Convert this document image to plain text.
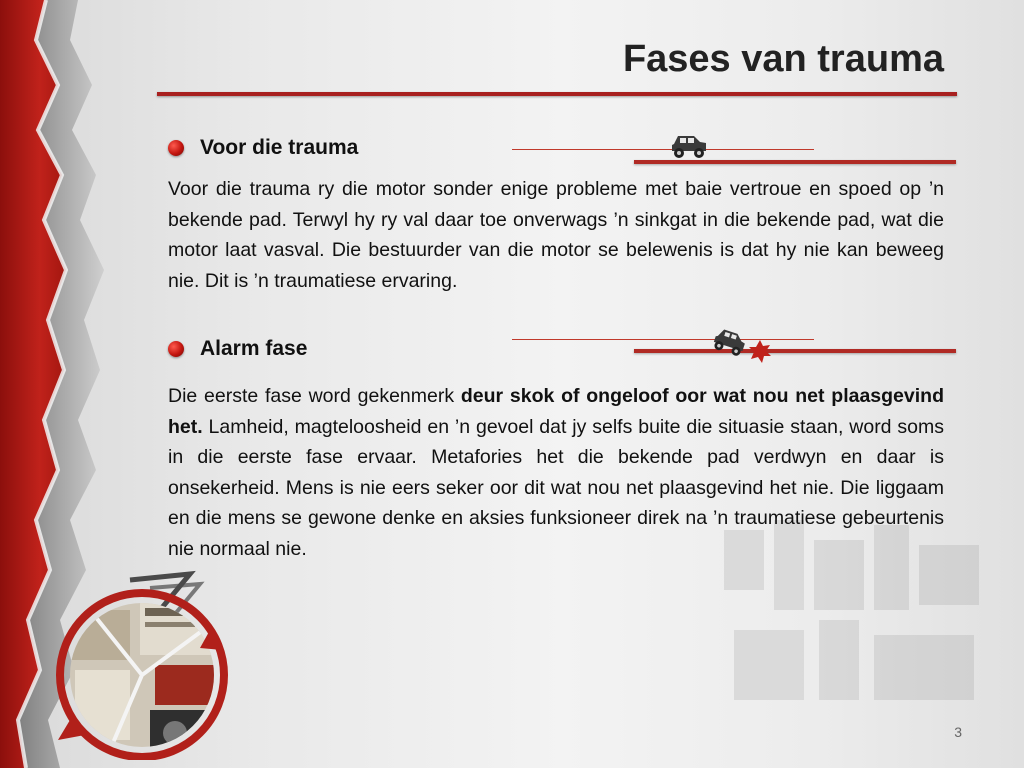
Fases van trauma
Voor die trauma

Voor die trauma ry die motor sonder enige probleme met baie vertroue en spoed op ’n bekende pad. Terwyl hy ry val daar toe onverwags ’n sinkgat in die bekende pad, wat die motor laat vasval. Die bestuurder van die motor se belewenis is dat hy nie kan beweeg nie. Dit is ’n traumatiese ervaring.

Alarm fase

Die eerste fase word gekenmerk deur skok of ongeloof oor wat nou net plaasgevind het. Lamheid, magteloosheid en ’n gevoel dat jy selfs buite die situasie staan, word soms in die eerste fase ervaar. Metafories het die bekende pad verdwyn en daar is onsekerheid. Mens is nie eers seker oor dit wat nou net plaasgevind het nie. Die liggaam en die mens se gewone denke en aksies funksioneer direk na ’n traumatiese gebeurtenis nie normaal nie.

3
